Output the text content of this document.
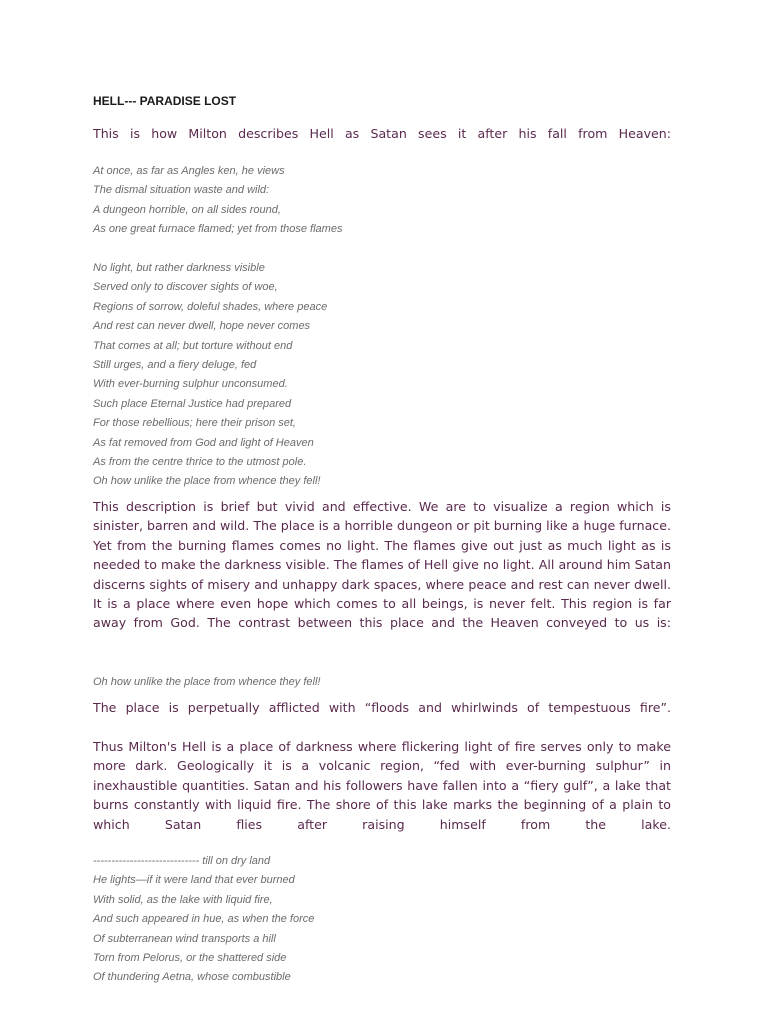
HELL--- PARADISE LOST

This is how Milton describes Hell as Satan sees it after his fall from Heaven:

At once, as far as Angles ken, he views
The dismal situation waste and wild:
A dungeon horrible, on all sides round,
As one great furnace flamed; yet from those flames
No light, but rather darkness visible
Served only to discover sights of woe,
Regions of sorrow, doleful shades, where peace
And rest can never dwell, hope never comes
That comes at all; but torture without end
Still urges, and a fiery deluge, fed
With ever-burning sulphur unconsumed.
Such place Eternal Justice had prepared
For those rebellious; here their prison set,
As fat removed from God and light of Heaven
As from the centre thrice to the utmost pole.
Oh how unlike the place from whence they fell!

This description is brief but vivid and effective. We are to visualize a region which is sinister, barren and wild. The place is a horrible dungeon or pit burning like a huge furnace. Yet from the burning flames comes no light. The flames give out just as much light as is needed to make the darkness visible. The flames of Hell give no light. All around him Satan discerns sights of misery and unhappy dark spaces, where peace and rest can never dwell. It is a place where even hope which comes to all beings, is never felt. This region is far away from God. The contrast between this place and the Heaven conveyed to us is:

Oh how unlike the place from whence they fell!

The place is perpetually afflicted with “floods and whirlwinds of tempestuous fire”.

Thus Milton's Hell is a place of darkness where flickering light of fire serves only to make more dark. Geologically it is a volcanic region, “fed with ever-burning sulphur” in inexhaustible quantities. Satan and his followers have fallen into a “fiery gulf”, a lake that burns constantly with liquid fire. The shore of this lake marks the beginning of a plain to which Satan flies after raising himself from the lake.

----------------------------- till on dry land
He lights—if it were land that ever burned
With solid, as the lake with liquid fire,
And such appeared in hue, as when the force
Of subterranean wind transports a hill
Torn from Pelorus, or the shattered side
Of thundering Aetna, whose combustible
